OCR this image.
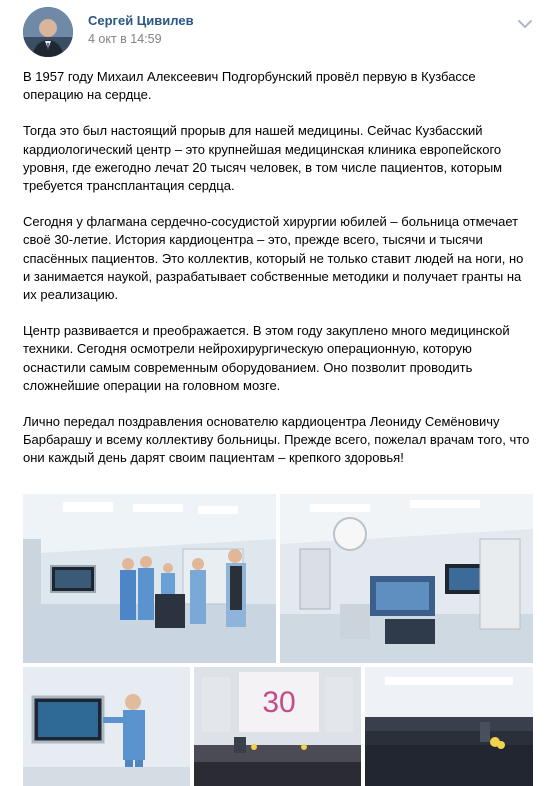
Сергей Цивилев
4 окт в 14:59

В 1957 году Михаил Алексеевич Подгорбунский провёл первую в Кузбассе операцию на сердце.

Тогда это был настоящий прорыв для нашей медицины. Сейчас Кузбасский кардиологический центр – это крупнейшая медицинская клиника европейского уровня, где ежегодно лечат 20 тысяч человек, в том числе пациентов, которым требуется трансплантация сердца.

Сегодня у флагмана сердечно-сосудистой хирургии юбилей – больница отмечает своё 30-летие. История кардиоцентра – это, прежде всего, тысячи и тысячи спасённых пациентов. Это коллектив, который не только ставит людей на ноги, но и занимается наукой, разрабатывает собственные методики и получает гранты на их реализацию.

Центр развивается и преображается. В этом году закуплено много медицинской техники. Сегодня осмотрели нейрохирургическую операционную, которую оснастили самым современным оборудованием. Оно позволит проводить сложнейшие операции на головном мозге.

Лично передал поздравления основателю кардиоцентра Леониду Семёновичу Барбарашу и всему коллективу больницы. Прежде всего, пожелал врачам того, что они каждый день дарят своим пациентам – крепкого здоровья!

30
